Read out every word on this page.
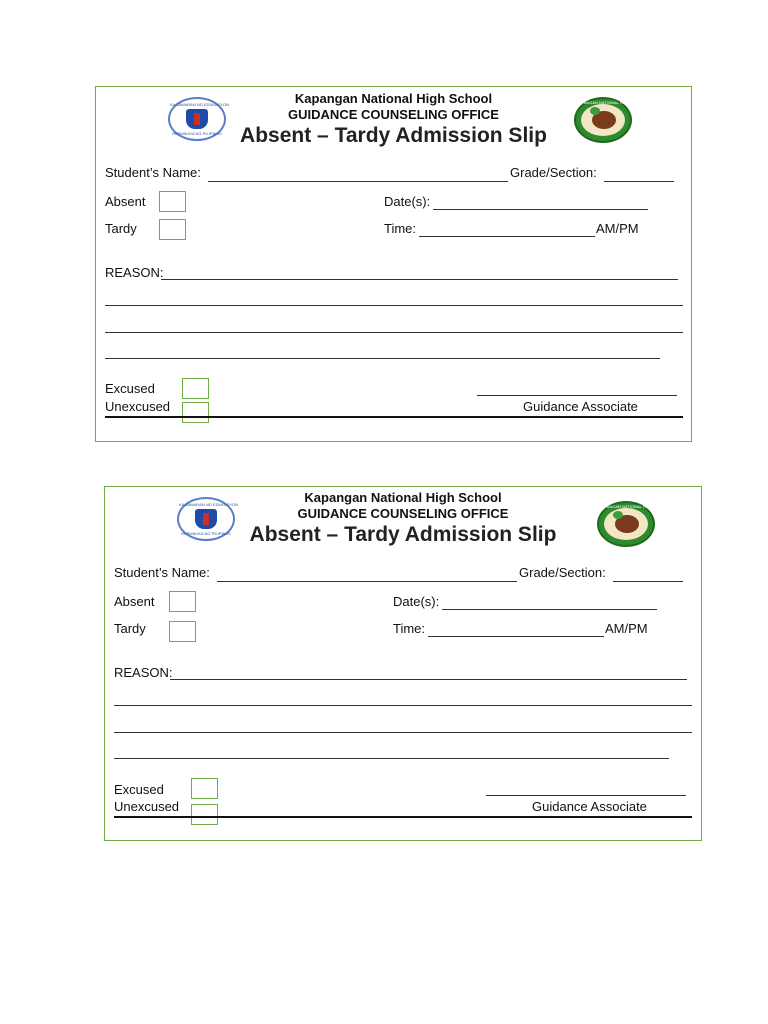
KAGAWARAN NG EDUKASYON
REPUBLIKA NG PILIPINAS
KAPANGAN NATIONAL HIGH SCHOOL
Kapangan National High School
GUIDANCE COUNSELING OFFICE
Absent – Tardy Admission Slip
Student’s Name:	Grade/Section:
Absent	Date(s):
Tardy	Time:	AM/PM
REASON:
Excused
Unexcused	Guidance Associate
KAGAWARAN NG EDUKASYON
REPUBLIKA NG PILIPINAS
KAPANGAN NATIONAL HIGH SCHOOL
Kapangan National High School
GUIDANCE COUNSELING OFFICE
Absent – Tardy Admission Slip
Student’s Name:	Grade/Section:
Absent	Date(s):
Tardy	Time:	AM/PM
REASON:
Excused
Unexcused	Guidance Associate
